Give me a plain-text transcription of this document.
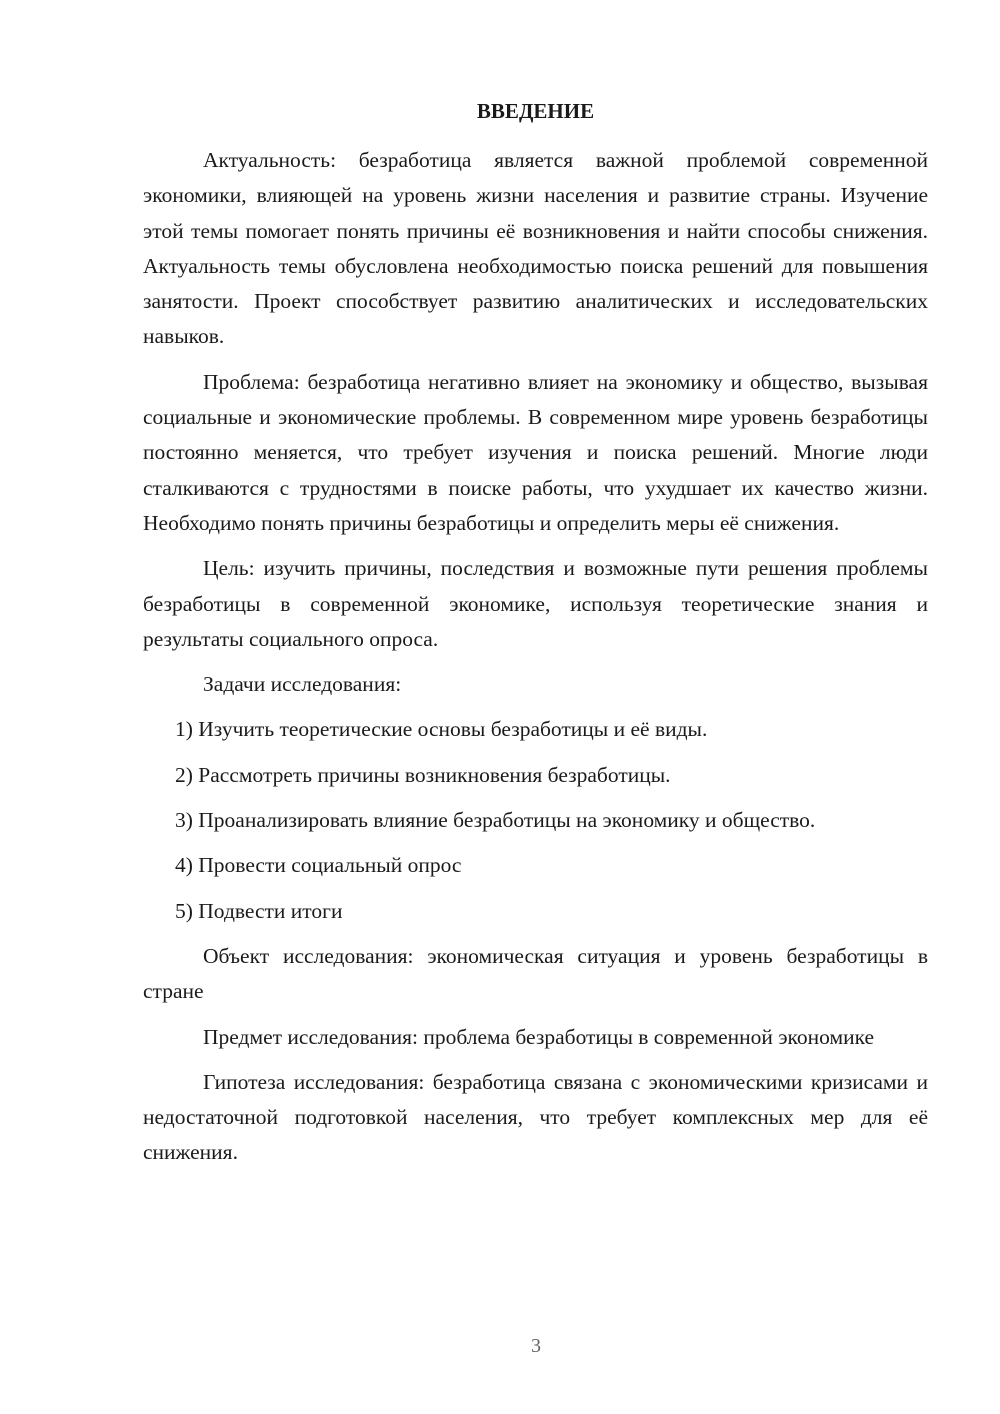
ВВЕДЕНИЕ

Актуальность: безработица является важной проблемой современной экономики, влияющей на уровень жизни населения и развитие страны. Изучение этой темы помогает понять причины её возникновения и найти способы снижения. Актуальность темы обусловлена необходимостью поиска решений для повышения занятости. Проект способствует развитию аналитических и исследовательских навыков.

Проблема: безработица негативно влияет на экономику и общество, вызывая социальные и экономические проблемы. В современном мире уровень безработицы постоянно меняется, что требует изучения и поиска решений. Многие люди сталкиваются с трудностями в поиске работы, что ухудшает их качество жизни. Необходимо понять причины безработицы и определить меры её снижения.

Цель: изучить причины, последствия и возможные пути решения проблемы безработицы в современной экономике, используя теоретические знания и результаты социального опроса.

Задачи исследования:

1) Изучить теоретические основы безработицы и её виды.
2) Рассмотреть причины возникновения безработицы.
3) Проанализировать влияние безработицы на экономику и общество.
4) Провести социальный опрос
5) Подвести итоги

Объект исследования: экономическая ситуация и уровень безработицы в стране

Предмет исследования: проблема безработицы в современной экономике

Гипотеза исследования: безработица связана с экономическими кризисами и недостаточной подготовкой населения, что требует комплексных мер для её снижения.

3
